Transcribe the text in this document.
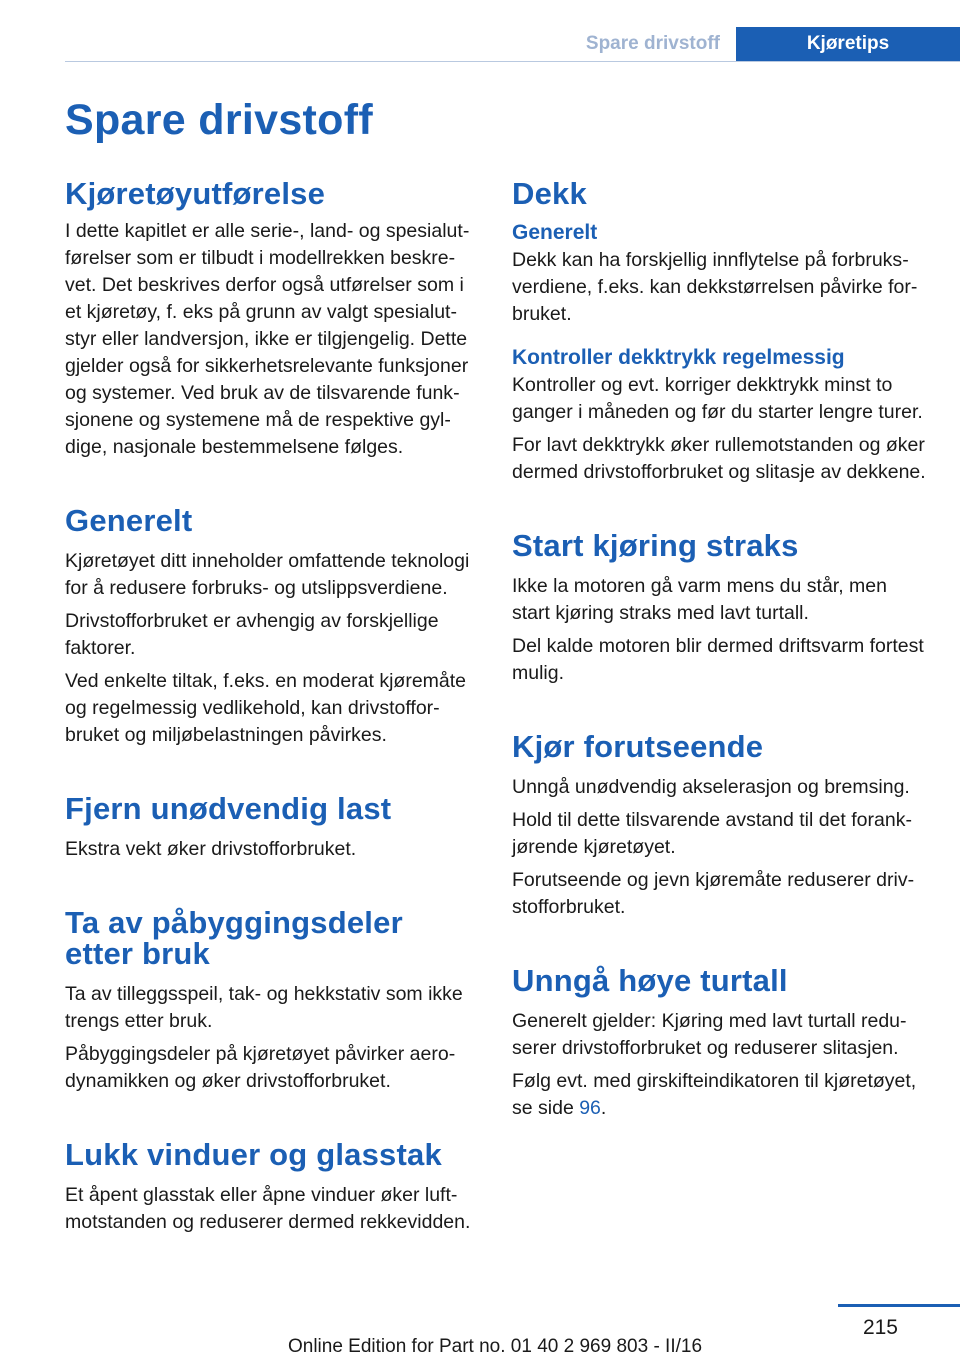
Spare drivstoff	Kjøretips
Spare drivstoff
Kjøretøyutførelse

I dette kapitlet er alle serie-, land- og spesialutførelser som er tilbudt i modellrekken beskrevet. Det beskrives derfor også utførelser som i et kjøretøy, f. eks på grunn av valgt spesialutstyr eller landversjon, ikke er tilgjengelig. Dette gjelder også for sikkerhetsrelevante funksjoner og systemer. Ved bruk av de tilsvarende funksjonene og systemene må de respektive gyldige, nasjonale bestemmelsene følges.

Generelt

Kjøretøyet ditt inneholder omfattende teknologi for å redusere forbruks- og utslippsverdiene.

Drivstofforbruket er avhengig av forskjellige faktorer.

Ved enkelte tiltak, f.eks. en moderat kjøremåte og regelmessig vedlikehold, kan drivstofforbruket og miljøbelastningen påvirkes.

Fjern unødvendig last

Ekstra vekt øker drivstofforbruket.

Ta av påbyggingsdeler etter bruk

Ta av tilleggsspeil, tak- og hekkstativ som ikke trengs etter bruk.

Påbyggingsdeler på kjøretøyet påvirker aerodynamikken og øker drivstofforbruket.

Lukk vinduer og glasstak

Et åpent glasstak eller åpne vinduer øker luftmotstanden og reduserer dermed rekkevidden.

Dekk
Generelt

Dekk kan ha forskjellig innflytelse på forbruksverdiene, f.eks. kan dekkstørrelsen påvirke forbruket.

Kontroller dekktrykk regelmessig

Kontroller og evt. korriger dekktrykk minst to ganger i måneden og før du starter lengre turer.

For lavt dekktrykk øker rullemotstanden og øker dermed drivstofforbruket og slitasje av dekkene.

Start kjøring straks

Ikke la motoren gå varm mens du står, men start kjøring straks med lavt turtall.

Del kalde motoren blir dermed driftsvarm fortest mulig.

Kjør forutseende

Unngå unødvendig akselerasjon og bremsing.

Hold til dette tilsvarende avstand til det forankjørende kjøretøyet.

Forutseende og jevn kjøremåte reduserer drivstofforbruket.

Unngå høye turtall

Generelt gjelder: Kjøring med lavt turtall reduserer drivstofforbruket og reduserer slitasjen.

Følg evt. med girskifteindikatoren til kjøretøyet, se side 96.

215
Online Edition for Part no. 01 40 2 969 803 - II/16
